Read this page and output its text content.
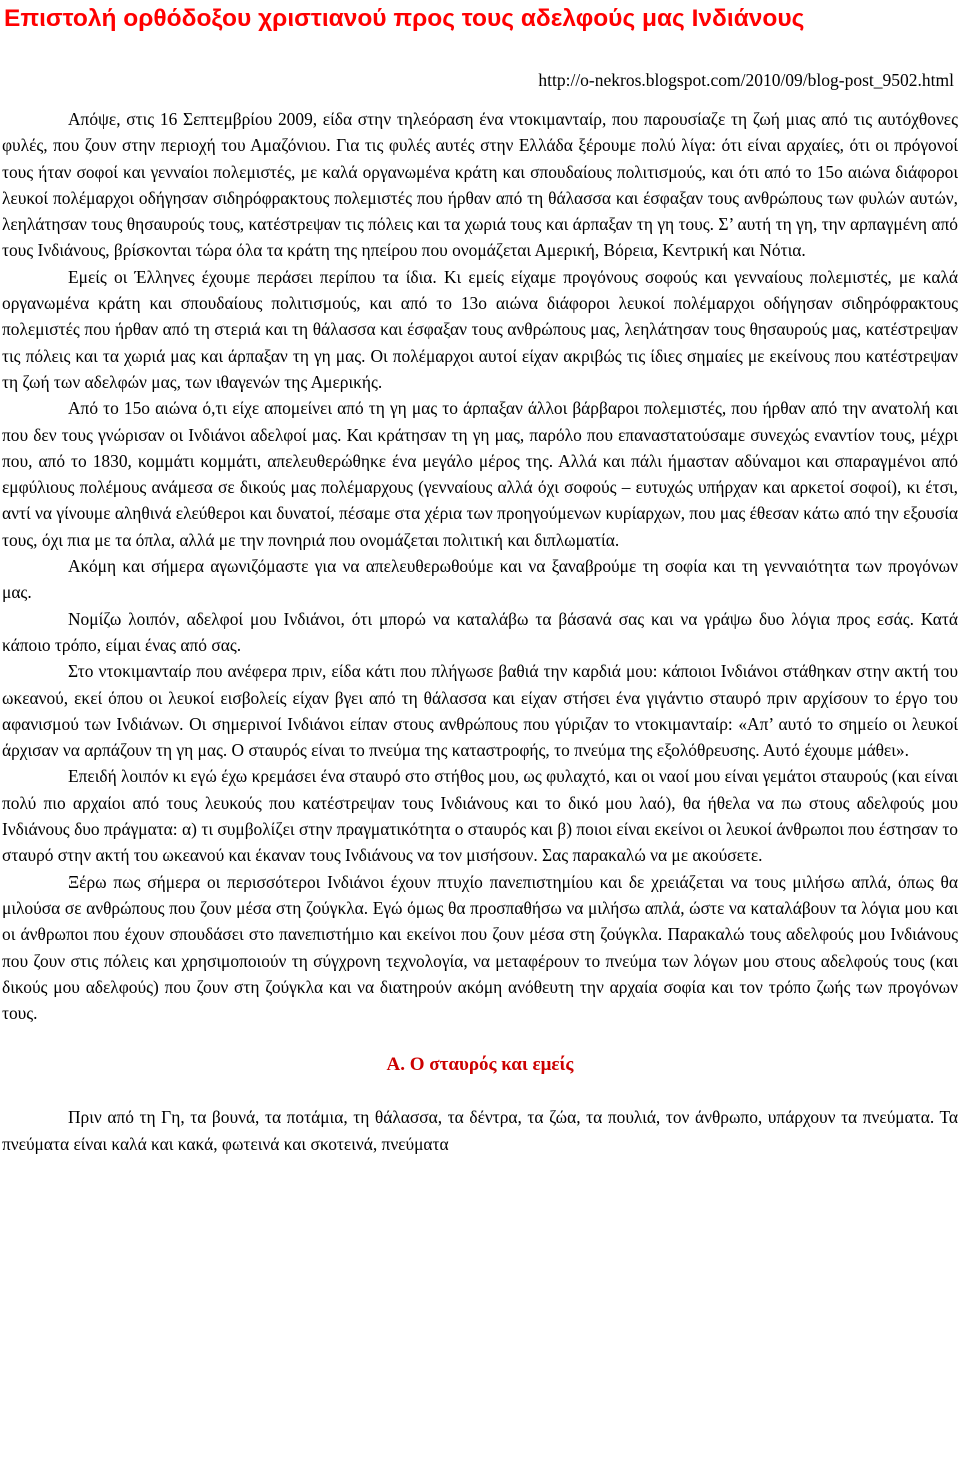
Επιστολή ορθόδοξου χριστιανού προς τους αδελφούς μας Ινδιάνους
http://o-nekros.blogspot.com/2010/09/blog-post_9502.html

Απόψε, στις 16 Σεπτεμβρίου 2009, είδα στην τηλεόραση ένα ντοκιμανταίρ, που παρουσίαζε τη ζωή μιας από τις αυτόχθονες φυλές, που ζουν στην περιοχή του Αμαζόνιου. Για τις φυλές αυτές στην Ελλάδα ξέρουμε πολύ λίγα: ότι είναι αρχαίες, ότι οι πρόγονοί τους ήταν σοφοί και γενναίοι πολεμιστές, με καλά οργανωμένα κράτη και σπουδαίους πολιτισμούς, και ότι από το 15ο αιώνα διάφοροι λευκοί πολέμαρχοι οδήγησαν σιδηρόφρακτους πολεμιστές που ήρθαν από τη θάλασσα και έσφαξαν τους ανθρώπους των φυλών αυτών, λεηλάτησαν τους θησαυρούς τους, κατέστρεψαν τις πόλεις και τα χωριά τους και άρπαξαν τη γη τους. Σ’ αυτή τη γη, την αρπαγμένη από τους Ινδιάνους, βρίσκονται τώρα όλα τα κράτη της ηπείρου που ονομάζεται Αμερική, Βόρεια, Κεντρική και Νότια.

Εμείς οι Έλληνες έχουμε περάσει περίπου τα ίδια. Κι εμείς είχαμε προγόνους σοφούς και γενναίους πολεμιστές, με καλά οργανωμένα κράτη και σπουδαίους πολιτισμούς, και από το 13ο αιώνα διάφοροι λευκοί πολέμαρχοι οδήγησαν σιδηρόφρακτους πολεμιστές που ήρθαν από τη στεριά και τη θάλασσα και έσφαξαν τους ανθρώπους μας, λεηλάτησαν τους θησαυρούς μας, κατέστρεψαν τις πόλεις και τα χωριά μας και άρπαξαν τη γη μας. Οι πολέμαρχοι αυτοί είχαν ακριβώς τις ίδιες σημαίες με εκείνους που κατέστρεψαν τη ζωή των αδελφών μας, των ιθαγενών της Αμερικής.

Από το 15ο αιώνα ό,τι είχε απομείνει από τη γη μας το άρπαξαν άλλοι βάρβαροι πολεμιστές, που ήρθαν από την ανατολή και που δεν τους γνώρισαν οι Ινδιάνοι αδελφοί μας. Και κράτησαν τη γη μας, παρόλο που επαναστατούσαμε συνεχώς εναντίον τους, μέχρι που, από το 1830, κομμάτι κομμάτι, απελευθερώθηκε ένα μεγάλο μέρος της. Αλλά και πάλι ήμασταν αδύναμοι και σπαραγμένοι από εμφύλιους πολέμους ανάμεσα σε δικούς μας πολέμαρχους (γενναίους αλλά όχι σοφούς – ευτυχώς υπήρχαν και αρκετοί σοφοί), κι έτσι, αντί να γίνουμε αληθινά ελεύθεροι και δυνατοί, πέσαμε στα χέρια των προηγούμενων κυρίαρχων, που μας έθεσαν κάτω από την εξουσία τους, όχι πια με τα όπλα, αλλά με την πονηριά που ονομάζεται πολιτική και διπλωματία.

Ακόμη και σήμερα αγωνιζόμαστε για να απελευθερωθούμε και να ξαναβρούμε τη σοφία και τη γενναιότητα των προγόνων μας.

Νομίζω λοιπόν, αδελφοί μου Ινδιάνοι, ότι μπορώ να καταλάβω τα βάσανά σας και να γράψω δυο λόγια προς εσάς. Κατά κάποιο τρόπο, είμαι ένας από σας.

Στο ντοκιμανταίρ που ανέφερα πριν, είδα κάτι που πλήγωσε βαθιά την καρδιά μου: κάποιοι Ινδιάνοι στάθηκαν στην ακτή του ωκεανού, εκεί όπου οι λευκοί εισβολείς είχαν βγει από τη θάλασσα και είχαν στήσει ένα γιγάντιο σταυρό πριν αρχίσουν το έργο του αφανισμού των Ινδιάνων. Οι σημερινοί Ινδιάνοι είπαν στους ανθρώπους που γύριζαν το ντοκιμανταίρ: «Απ’ αυτό το σημείο οι λευκοί άρχισαν να αρπάζουν τη γη μας. Ο σταυρός είναι το πνεύμα της καταστροφής, το πνεύμα της εξολόθρευσης. Αυτό έχουμε μάθει».

Επειδή λοιπόν κι εγώ έχω κρεμάσει ένα σταυρό στο στήθος μου, ως φυλαχτό, και οι ναοί μου είναι γεμάτοι σταυρούς (και είναι πολύ πιο αρχαίοι από τους λευκούς που κατέστρεψαν τους Ινδιάνους και το δικό μου λαό), θα ήθελα να πω στους αδελφούς μου Ινδιάνους δυο πράγματα: α) τι συμβολίζει στην πραγματικότητα ο σταυρός και β) ποιοι είναι εκείνοι οι λευκοί άνθρωποι που έστησαν το σταυρό στην ακτή του ωκεανού και έκαναν τους Ινδιάνους να τον μισήσουν. Σας παρακαλώ να με ακούσετε.

Ξέρω πως σήμερα οι περισσότεροι Ινδιάνοι έχουν πτυχίο πανεπιστημίου και δε χρειάζεται να τους μιλήσω απλά, όπως θα μιλούσα σε ανθρώπους που ζουν μέσα στη ζούγκλα. Εγώ όμως θα προσπαθήσω να μιλήσω απλά, ώστε να καταλάβουν τα λόγια μου και οι άνθρωποι που έχουν σπουδάσει στο πανεπιστήμιο και εκείνοι που ζουν μέσα στη ζούγκλα. Παρακαλώ τους αδελφούς μου Ινδιάνους που ζουν στις πόλεις και χρησιμοποιούν τη σύγχρονη τεχνολογία, να μεταφέρουν το πνεύμα των λόγων μου στους αδελφούς τους (και δικούς μου αδελφούς) που ζουν στη ζούγκλα και να διατηρούν ακόμη ανόθευτη την αρχαία σοφία και τον τρόπο ζωής των προγόνων τους.

Α. Ο σταυρός και εμείς

Πριν από τη Γη, τα βουνά, τα ποτάμια, τη θάλασσα, τα δέντρα, τα ζώα, τα πουλιά, τον άνθρωπο, υπάρχουν τα πνεύματα. Τα πνεύματα είναι καλά και κακά, φωτεινά και σκοτεινά, πνεύματα
